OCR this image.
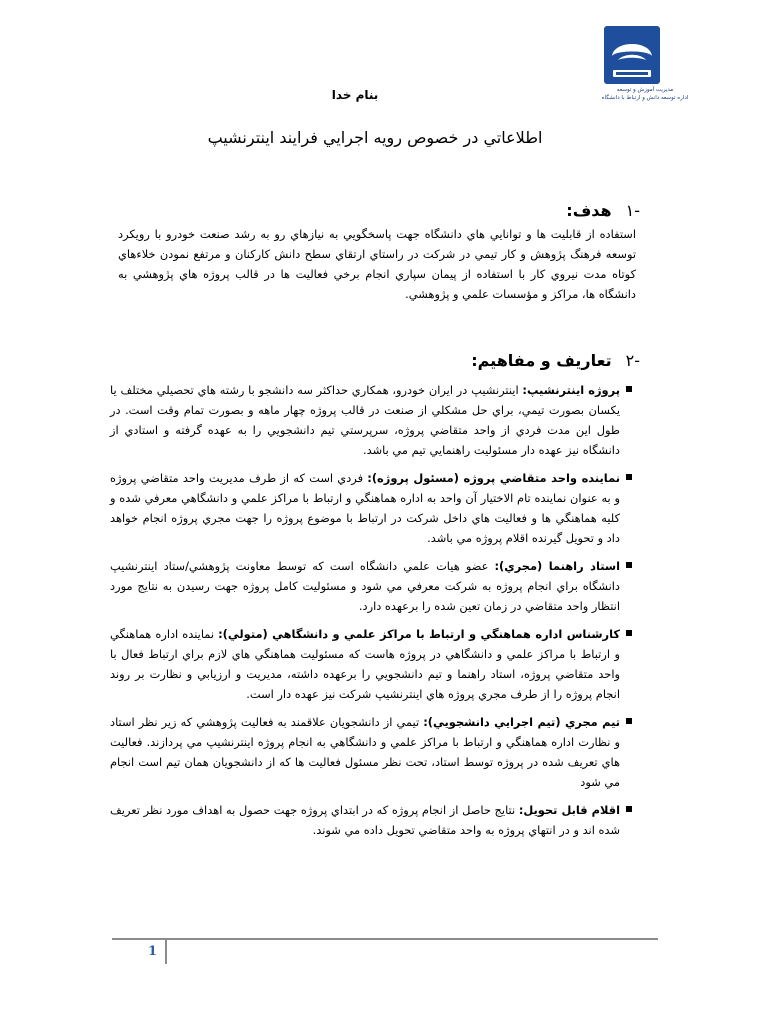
مديريت آموزش و توسعه
اداره توسعه دانش و ارتباط با دانشگاه
بنام خدا
اطلاعاتي در خصوص رويه اجرايي فرايند اينترنشيپ
-١
هدف:
استفاده از قابليت ها و توانايي هاي دانشگاه جهت پاسخگويي به نيازهاي رو به رشد صنعت خودرو با رويكرد توسعه فرهنگ پژوهش و كار تيمي در شركت در راستاي ارتقاي سطح دانش كاركنان و مرتفع نمودن خلاءهاي كوتاه مدت نيروي كار با استفاده از پيمان سپاري انجام برخي فعاليت ها در قالب پروژه هاي پژوهشي به دانشگاه ها، مراكز و مؤسسات علمي و پژوهشي.
-٢
تعاريف و مفاهيم:
پروژه اينترنشيپ: اينترنشيپ در ايران خودرو، همكاري حداكثر سه دانشجو با رشته هاي تحصيلي مختلف يا يكسان بصورت تيمي، براي حل مشكلي از صنعت در قالب پروژه چهار ماهه و بصورت تمام وقت است. در طول اين مدت فردي از واحد متقاضي پروژه، سرپرستي تيم دانشجويي را به عهده گرفته و استادي از دانشگاه نيز عهده دار مسئوليت راهنمايي تيم مي باشد.
نماينده واحد متقاضي پروژه (مسئول پروژه): فردي است كه از طرف مديريت واحد متقاضي پروژه و به عنوان نماينده تام الاختيار آن واحد به اداره هماهنگي و ارتباط با مراكز علمي و دانشگاهي معرفي شده و كليه هماهنگي ها و فعاليت هاي داخل شركت در ارتباط با موضوع پروژه را جهت مجري پروژه انجام خواهد داد و تحويل گيرنده اقلام پروژه مي باشد.
استاد راهنما (مجري): عضو هيات علمي دانشگاه است كه توسط معاونت پژوهشي/ستاد اينترنشيپ دانشگاه براي انجام پروژه به شركت معرفي مي شود و مسئوليت كامل پروژه جهت رسيدن به نتايج مورد انتظار واحد متقاضي در زمان تعين شده را برعهده دارد.
كارشناس اداره هماهنگي و ارتباط با مراكز علمي و دانشگاهي (متولي): نماينده اداره هماهنگي و ارتباط با مراكز علمي و دانشگاهي در پروژه هاست كه مسئوليت هماهنگي هاي لازم براي ارتباط فعال با واحد متقاضي پروژه، استاد راهنما و تيم دانشجويي را برعهده داشته، مديريت و ارزيابي و نظارت بر روند انجام پروژه را از طرف مجري پروژه هاي اينترنشيپ شركت نيز عهده دار است.
تيم مجري (تيم اجرايي دانشجويي): تيمي از دانشجويان علاقمند به فعاليت پژوهشي كه زير نظر استاد و نظارت اداره هماهنگي و ارتباط با مراكز علمي و دانشگاهي به انجام پروژه اينترنشيپ مي پردازند. فعاليت هاي تعريف شده در پروژه توسط استاد، تحت نظر مسئول فعاليت ها كه از دانشجويان همان تيم است انجام مي شود
اقلام قابل تحويل: نتايج حاصل از انجام پروژه كه در ابتداي پروژه جهت حصول به اهداف مورد نظر تعريف شده اند و در انتهاي پروژه به واحد متقاضي تحويل داده مي شوند.
1
